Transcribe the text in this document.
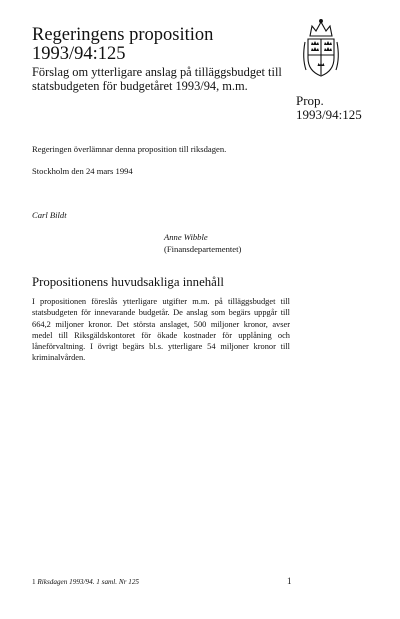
Regeringens proposition
1993/94:125
Förslag om ytterligare anslag på tilläggsbudget till statsbudgeten för budgetåret 1993/94, m.m.
Prop.
1993/94:125
Regeringen överlämnar denna proposition till riksdagen.
Stockholm den 24 mars 1994
Carl Bildt
Anne Wibble
(Finansdepartementet)
Propositionens huvudsakliga innehåll
I propositionen föreslås ytterligare utgifter m.m. på tilläggsbudget till statsbudgeten för innevarande budgetår. De anslag som begärs uppgår till 664,2 miljoner kronor. Det största anslaget, 500 miljoner kronor, avser medel till Riksgäldskontoret för ökade kostnader för upplåning och låneförvaltning. I övrigt begärs bl.s. ytterligare 54 miljoner kronor till kriminalvården.
1 Riksdagen 1993/94. 1 saml. Nr 125	1
